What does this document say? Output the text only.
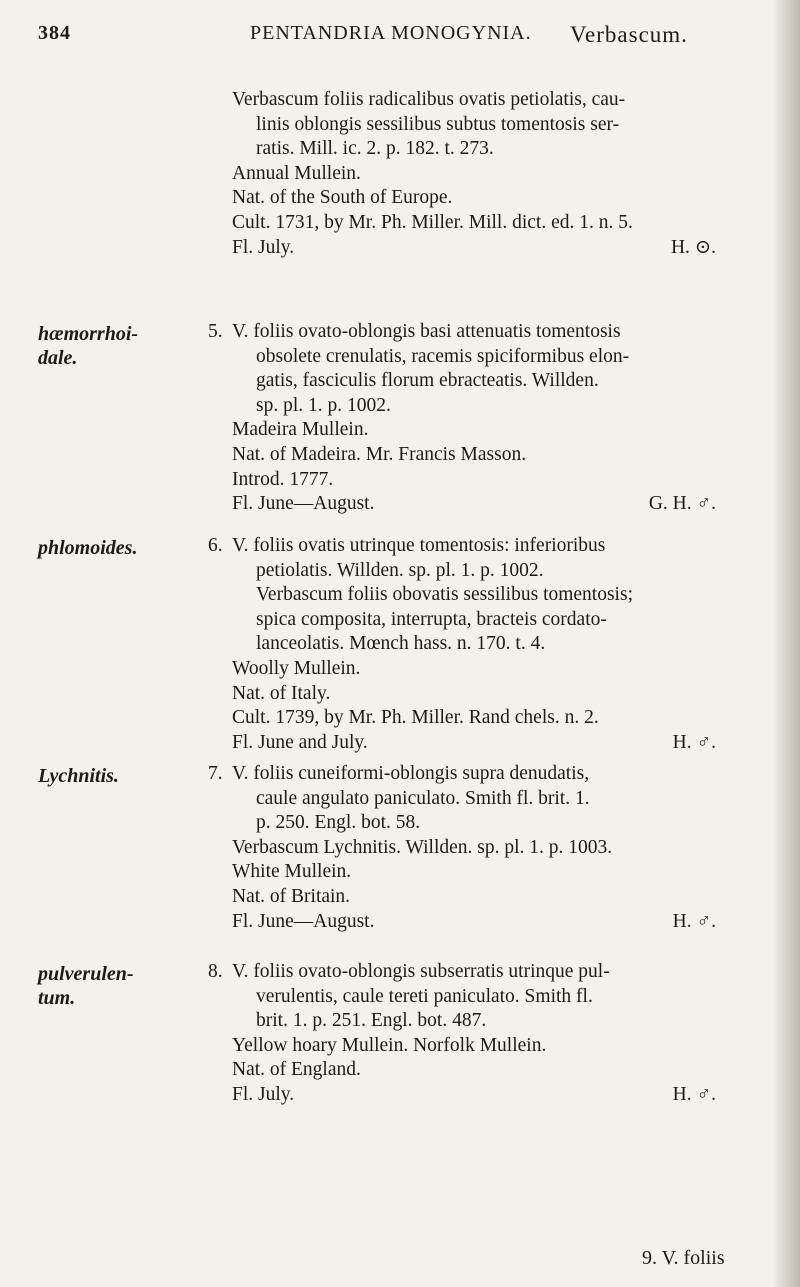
384	PENTANDRIA MONOGYNIA. Verbascum.
Verbascum foliis radicalibus ovatis petiolatis, cau-
linis oblongis sessilibus subtus tomentosis ser-
ratis. Mill. ic. 2. p. 182. t. 273.
Annual Mullein.
Nat. of the South of Europe.
Cult. 1731, by Mr. Ph. Miller. Mill. dict. ed. 1. n. 5.
Fl. July.	H. ⊙.
hæmorrhoi-
dale.
5. V. foliis ovato-oblongis basi attenuatis tomentosis
obsolete crenulatis, racemis spiciformibus elon-
gatis, fasciculis florum ebracteatis. Willden.
sp. pl. 1. p. 1002.
Madeira Mullein.
Nat. of Madeira. Mr. Francis Masson.
Introd. 1777.
Fl. June—August.	G. H. ♂.
phlomoides.	6. V. foliis ovatis utrinque tomentosis: inferioribus
petiolatis. Willden. sp. pl. 1. p. 1002.
Verbascum foliis obovatis sessilibus tomentosis;
spica composita, interrupta, bracteis cordato-
lanceolatis. Mœnch hass. n. 170. t. 4.
Woolly Mullein.
Nat. of Italy.
Cult. 1739, by Mr. Ph. Miller. Rand chels. n. 2.
Fl. June and July.	H. ♂.
Lychnitis.	7. V. foliis cuneiformi-oblongis supra denudatis,
caule angulato paniculato. Smith fl. brit. 1.
p. 250. Engl. bot. 58.
Verbascum Lychnitis. Willden. sp. pl. 1. p. 1003.
White Mullein.
Nat. of Britain.
Fl. June—August.	H. ♂.
pulverulen-
tum.
8. V. foliis ovato-oblongis subserratis utrinque pul-
verulentis, caule tereti paniculato. Smith fl.
brit. 1. p. 251. Engl. bot. 487.
Yellow hoary Mullein. Norfolk Mullein.
Nat. of England.
Fl. July.	H. ♂.
9. V. foliis
